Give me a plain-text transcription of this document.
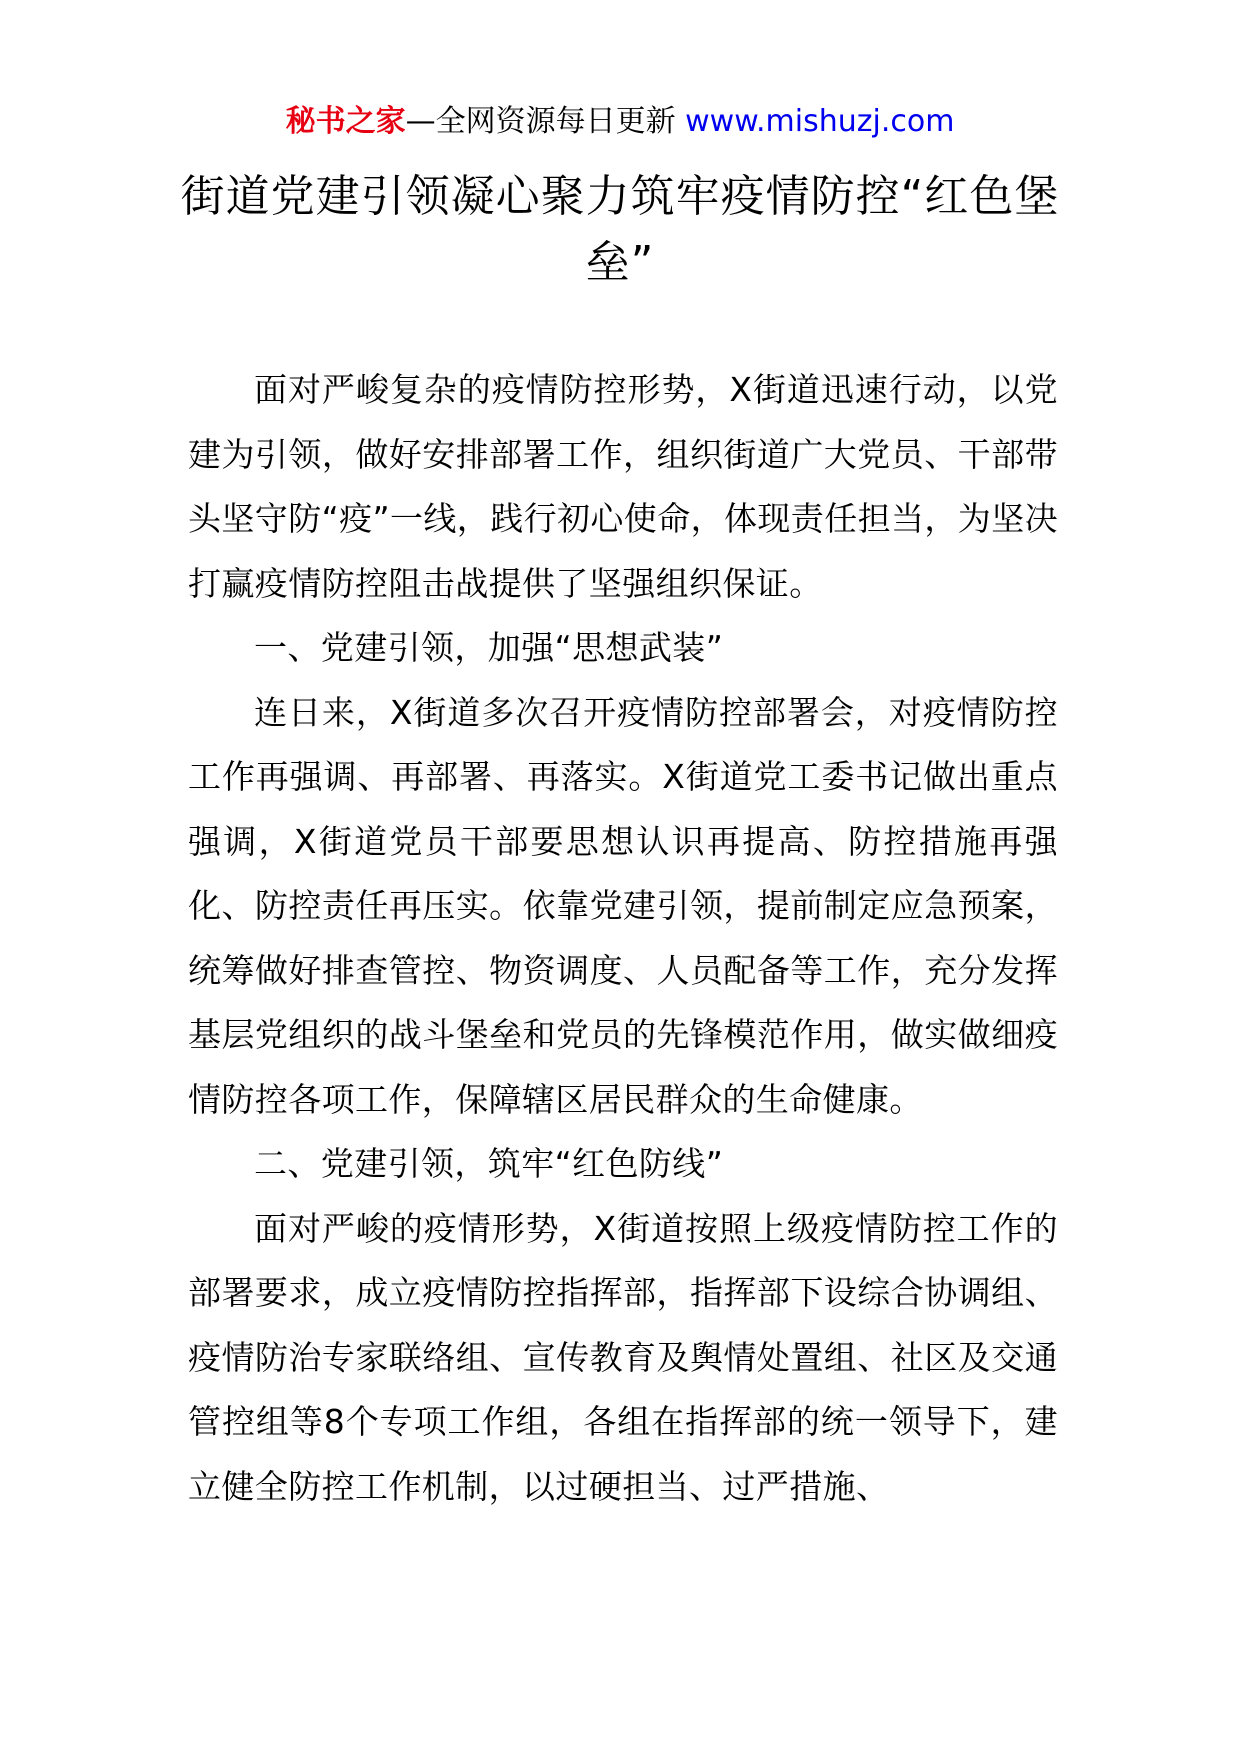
秘书之家—全网资源每日更新 www.mishuzj.com
街道党建引领凝心聚力筑牢疫情防控“红色堡垒”

面对严峻复杂的疫情防控形势，X街道迅速行动，以党建为引领，做好安排部署工作，组织街道广大党员、干部带头坚守防“疫”一线，践行初心使命，体现责任担当，为坚决打赢疫情防控阻击战提供了坚强组织保证。

一、党建引领，加强“思想武装”

连日来，X街道多次召开疫情防控部署会，对疫情防控工作再强调、再部署、再落实。X街道党工委书记做出重点强调，X街道党员干部要思想认识再提高、防控措施再强化、防控责任再压实。依靠党建引领，提前制定应急预案，统筹做好排查管控、物资调度、人员配备等工作，充分发挥基层党组织的战斗堡垒和党员的先锋模范作用，做实做细疫情防控各项工作，保障辖区居民群众的生命健康。

二、党建引领，筑牢“红色防线”

面对严峻的疫情形势，X街道按照上级疫情防控工作的部署要求，成立疫情防控指挥部，指挥部下设综合协调组、疫情防治专家联络组、宣传教育及舆情处置组、社区及交通管控组等8个专项工作组，各组在指挥部的统一领导下，建立健全防控工作机制，以过硬担当、过严措施、
